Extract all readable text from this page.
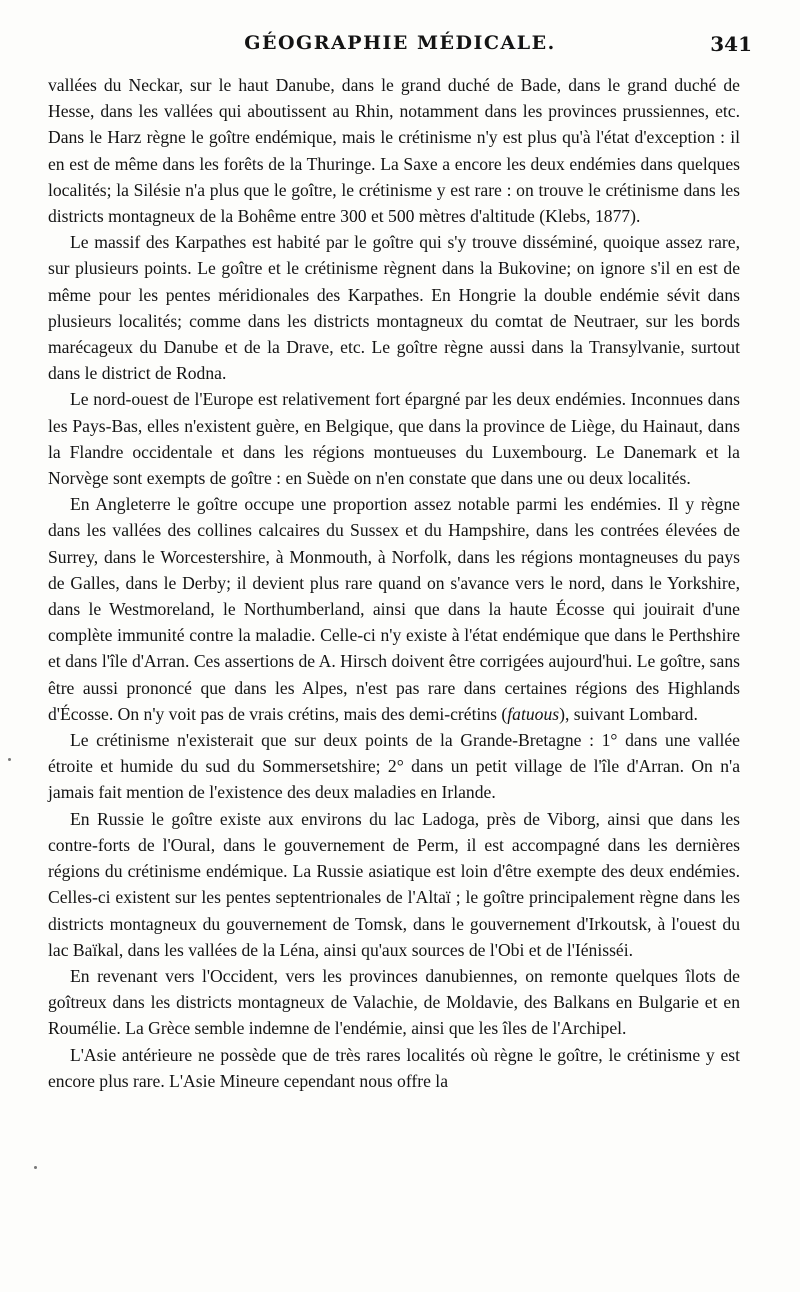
GÉOGRAPHIE MÉDICALE.	341

vallées du Neckar, sur le haut Danube, dans le grand duché de Bade, dans le grand duché de Hesse, dans les vallées qui aboutissent au Rhin, notamment dans les provinces prussiennes, etc. Dans le Harz règne le goître endémique, mais le crétinisme n'y est plus qu'à l'état d'exception : il en est de même dans les forêts de la Thuringe. La Saxe a encore les deux endémies dans quelques localités; la Silésie n'a plus que le goître, le crétinisme y est rare : on trouve le crétinisme dans les districts montagneux de la Bohême entre 300 et 500 mètres d'altitude (Klebs, 1877).

Le massif des Karpathes est habité par le goître qui s'y trouve disséminé, quoique assez rare, sur plusieurs points. Le goître et le crétinisme règnent dans la Bukovine; on ignore s'il en est de même pour les pentes méridionales des Karpathes. En Hongrie la double endémie sévit dans plusieurs localités; comme dans les districts montagneux du comtat de Neutraer, sur les bords marécageux du Danube et de la Drave, etc. Le goître règne aussi dans la Transylvanie, surtout dans le district de Rodna.

Le nord-ouest de l'Europe est relativement fort épargné par les deux endémies. Inconnues dans les Pays-Bas, elles n'existent guère, en Belgique, que dans la province de Liège, du Hainaut, dans la Flandre occidentale et dans les régions montueuses du Luxembourg. Le Danemark et la Norvège sont exempts de goître : en Suède on n'en constate que dans une ou deux localités.

En Angleterre le goître occupe une proportion assez notable parmi les endémies. Il y règne dans les vallées des collines calcaires du Sussex et du Hampshire, dans les contrées élevées de Surrey, dans le Worcestershire, à Monmouth, à Norfolk, dans les régions montagneuses du pays de Galles, dans le Derby; il devient plus rare quand on s'avance vers le nord, dans le Yorkshire, dans le Westmoreland, le Northumberland, ainsi que dans la haute Écosse qui jouirait d'une complète immunité contre la maladie. Celle-ci n'y existe à l'état endémique que dans le Perthshire et dans l'île d'Arran. Ces assertions de A. Hirsch doivent être corrigées aujourd'hui. Le goître, sans être aussi prononcé que dans les Alpes, n'est pas rare dans certaines régions des Highlands d'Écosse. On n'y voit pas de vrais crétins, mais des demi-crétins (fatuous), suivant Lombard.

Le crétinisme n'existerait que sur deux points de la Grande-Bretagne : 1° dans une vallée étroite et humide du sud du Sommersetshire; 2° dans un petit village de l'île d'Arran. On n'a jamais fait mention de l'existence des deux maladies en Irlande.

En Russie le goître existe aux environs du lac Ladoga, près de Viborg, ainsi que dans les contre-forts de l'Oural, dans le gouvernement de Perm, il est accompagné dans les dernières régions du crétinisme endémique. La Russie asiatique est loin d'être exempte des deux endémies. Celles-ci existent sur les pentes septentrionales de l'Altaï ; le goître principalement règne dans les districts montagneux du gouvernement de Tomsk, dans le gouvernement d'Irkoutsk, à l'ouest du lac Baïkal, dans les vallées de la Léna, ainsi qu'aux sources de l'Obi et de l'Iénisséi.

En revenant vers l'Occident, vers les provinces danubiennes, on remonte quelques îlots de goîtreux dans les districts montagneux de Valachie, de Moldavie, des Balkans en Bulgarie et en Roumélie. La Grèce semble indemne de l'endémie, ainsi que les îles de l'Archipel.

L'Asie antérieure ne possède que de très rares localités où règne le goître, le crétinisme y est encore plus rare. L'Asie Mineure cependant nous offre la
